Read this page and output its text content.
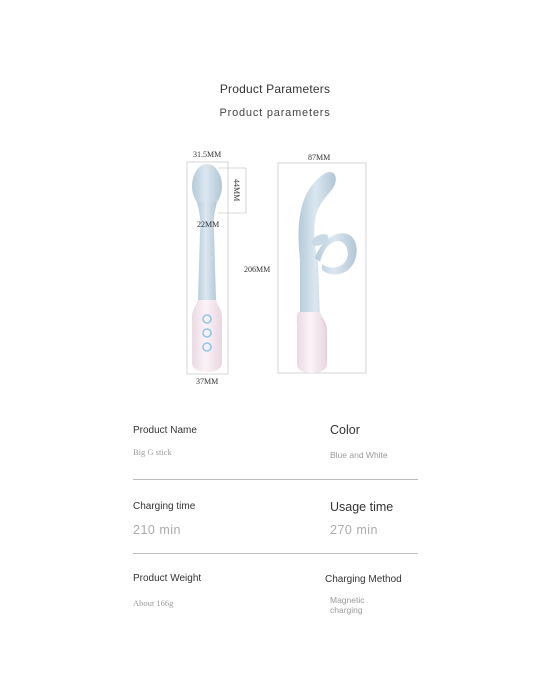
Product Parameters
Product parameters
31.5MM
44MM
22MM
37MM
87MM
206MM
Product Name
Big G stick
Color
Blue and White
Charging time
210 min
Usage time
270 min
Product Weight
About 166g
Charging Method
Magnetic
charging
